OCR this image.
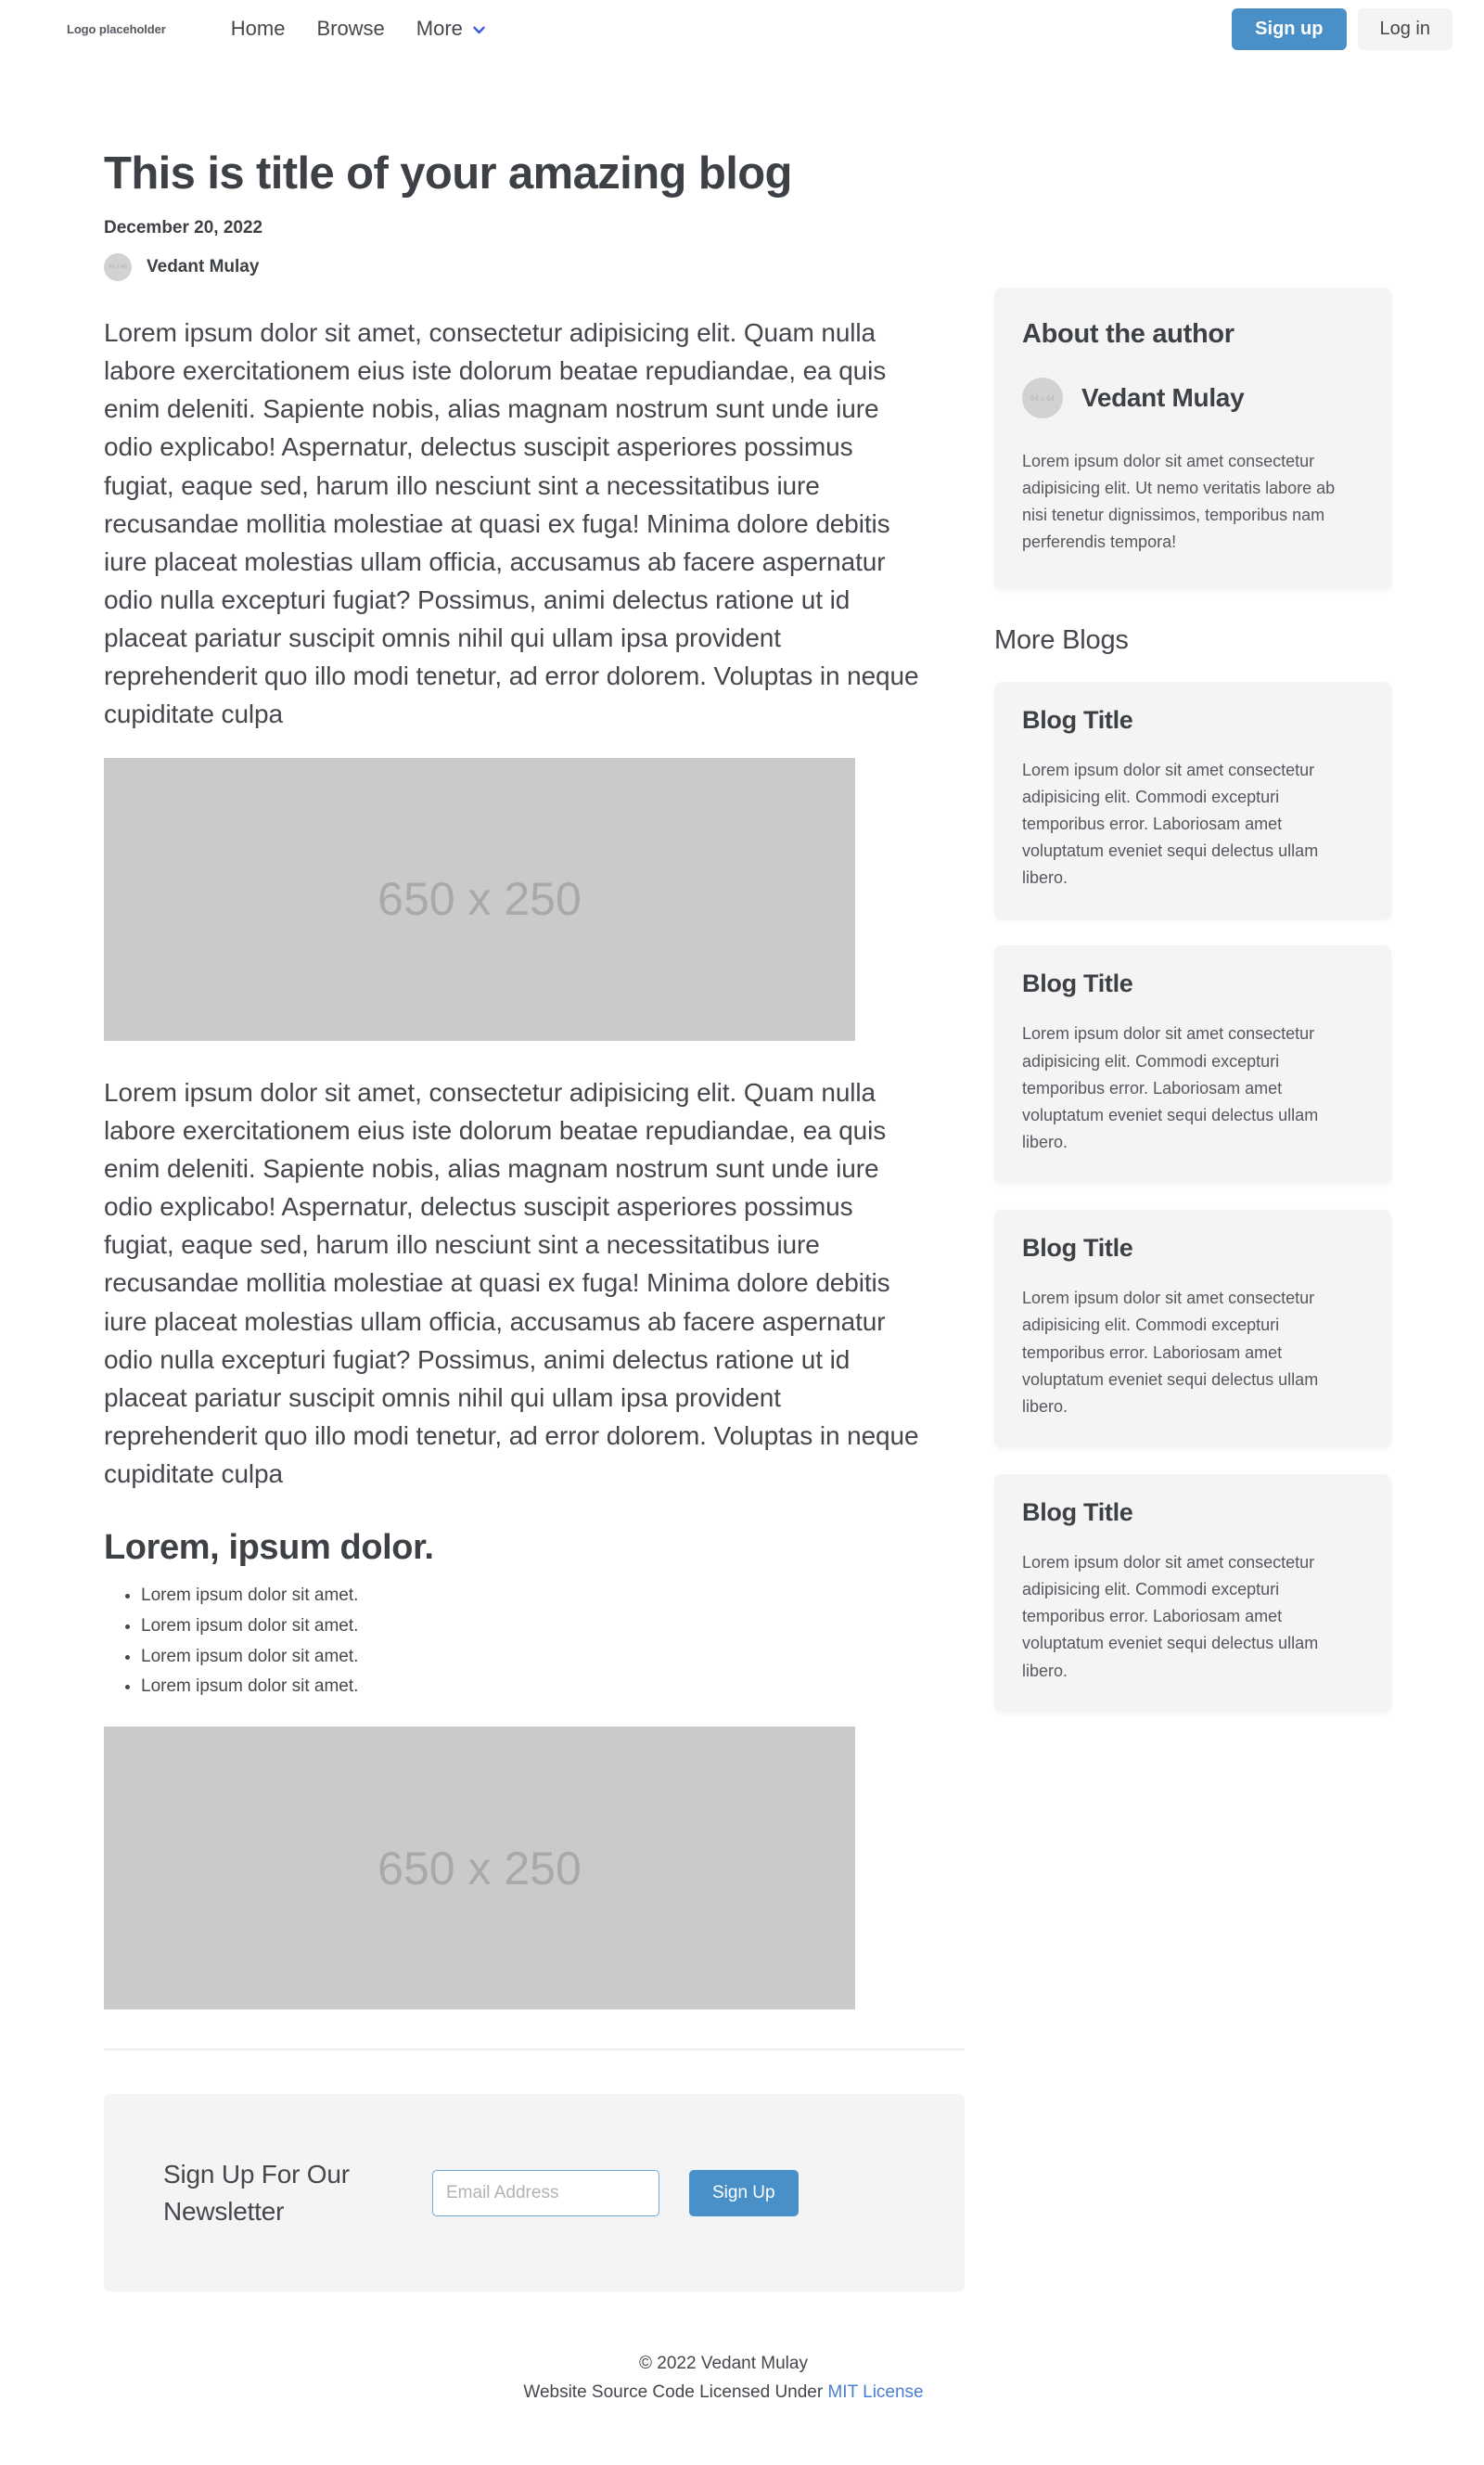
Logo placeholder	Home Browse More	Sign up	Log in
This is title of your amazing blog
December 20, 2022
48 x 48 Vedant Mulay

Lorem ipsum dolor sit amet, consectetur adipisicing elit. Quam nulla labore exercitationem eius iste dolorum beatae repudiandae, ea quis enim deleniti. Sapiente nobis, alias magnam nostrum sunt unde iure odio explicabo! Aspernatur, delectus suscipit asperiores possimus fugiat, eaque sed, harum illo nesciunt sint a necessitatibus iure recusandae mollitia molestiae at quasi ex fuga! Minima dolore debitis iure placeat molestias ullam officia, accusamus ab facere aspernatur odio nulla excepturi fugiat? Possimus, animi delectus ratione ut id placeat pariatur suscipit omnis nihil qui ullam ipsa provident reprehenderit quo illo modi tenetur, ad error dolorem. Voluptas in neque cupiditate culpa

650 x 250

Lorem ipsum dolor sit amet, consectetur adipisicing elit. Quam nulla labore exercitationem eius iste dolorum beatae repudiandae, ea quis enim deleniti. Sapiente nobis, alias magnam nostrum sunt unde iure odio explicabo! Aspernatur, delectus suscipit asperiores possimus fugiat, eaque sed, harum illo nesciunt sint a necessitatibus iure recusandae mollitia molestiae at quasi ex fuga! Minima dolore debitis iure placeat molestias ullam officia, accusamus ab facere aspernatur odio nulla excepturi fugiat? Possimus, animi delectus ratione ut id placeat pariatur suscipit omnis nihil qui ullam ipsa provident reprehenderit quo illo modi tenetur, ad error dolorem. Voluptas in neque cupiditate culpa

Lorem, ipsum dolor.
• Lorem ipsum dolor sit amet.
• Lorem ipsum dolor sit amet.
• Lorem ipsum dolor sit amet.
• Lorem ipsum dolor sit amet.
650 x 250
About the author
64 x 64	Vedant Mulay

Lorem ipsum dolor sit amet consectetur adipisicing elit. Ut nemo veritatis labore ab nisi tenetur dignissimos, temporibus nam perferendis tempora!

More Blogs
Blog Title

Lorem ipsum dolor sit amet consectetur adipisicing elit. Commodi excepturi temporibus error. Laboriosam amet voluptatum eveniet sequi delectus ullam libero.

Blog Title

Lorem ipsum dolor sit amet consectetur adipisicing elit. Commodi excepturi temporibus error. Laboriosam amet voluptatum eveniet sequi delectus ullam libero.

Blog Title

Lorem ipsum dolor sit amet consectetur adipisicing elit. Commodi excepturi temporibus error. Laboriosam amet voluptatum eveniet sequi delectus ullam libero.

Blog Title

Lorem ipsum dolor sit amet consectetur adipisicing elit. Commodi excepturi temporibus error. Laboriosam amet voluptatum eveniet sequi delectus ullam libero.

Sign Up For Our Newsletter
Email Address
Sign Up
© 2022 Vedant Mulay
Website Source Code Licensed Under MIT License
